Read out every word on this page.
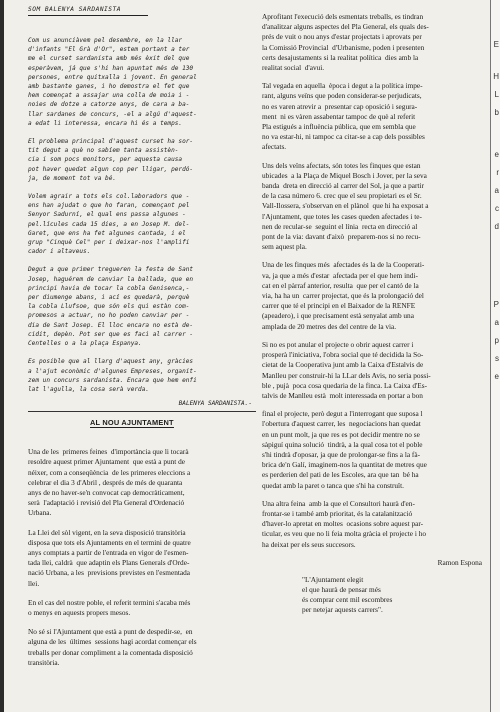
SOM BALENYA SARDANISTA
Com us anunciàvem pel desembre, en la llar
d'infants "El Grà d'Or", estem portant a ter
me el curset sardanista amb més èxit del que
esperàvem, já que s'hi han apuntat més de 130
persones, entre quitxalla i jovent. En general
amb bastante ganes, i ho demostra el fet que
hem començat a assajar una colla de moia i -
noies de dotze a catorze anys, de cara a ba-
llar sardanes de concurs, -el a algú d'aquest-
a edat li interessa, encara hi és a temps.
El problema principal d'aquest curset ha sor-
tit degut a què no sabíem tanta assistèn-
cia i som pocs monitors, per aquesta causa
pot haver quedat algun cop per lligar, perdó-
ja, de moment tot va bé.
Volem agrair a tots els col.laboradors que -
ens han ajudat o que ho faran, començant pel
Senyor Sadurní, el qual ens passa algunes -
pel.lícules cada 15 dies, a en Josep M. del-
Garet, que ens ha fet algunes cantada, i el
grup "Cinquè Cel" per i deixar-nos l'amplifi
cador i altaveus.
Degut a que primer tregueren la festa de Sant
Josep, haguérem de canviar la ballada, que en
principi havia de tocar la cobla Genisenca,-
per diumenge abans, i ací es quedarà, perquè
la cobla Llufsoe, que són els qui estàn com-
promesos a actuar, no ho poden canviar per -
dia de Sant Josep. El lloc encara no està de-
cidit, depèn. Pot ser que es faci al carrer -
Centelles o a la plaça Espanya.
Es posible que al llarg d'aquest any, gràcies
a l'ajut econòmic d'algunes Empreses, organit-
zem un concurs sardanista. Encara que hem enfi
lat l'agulla, la cosa serà verda.
BALENYA SARDANISTA.-
AL NOU AJUNTAMENT
Una de les  primeres feines  d'importància que li tocarà
resoldre aquest primer Ajuntament  que està a punt de
néixer, com a conseqüència  de les primeres eleccions a
celebrar el dia 3 d'Abril , després de més de quaranta
anys de no haver-se'n convocat cap democràticament,
serà  l'adaptació i revisió del Pla General d'Ordenació
Urbana.
La Llei del sòl vigent, en la seva disposició transitòria
disposa que tots els Ajuntaments en el termini de quatre
anys comptats a partir de l'entrada en vigor de l'esmen-
tada llei, caldrà  que adaptin els Plans Generals d'Orde-
nació Urbana, a les  previsions previstes en l'esmentada
llei.
En el cas del nostre poble, el referit termini s'acaba més
o menys en aquests propers mesos.
No sé si l'Ajuntament que està a punt de despedir-se,  en
alguna de les  últimes  sessions hagi acordat començar els
treballs per donar compliment a la comentada disposició
transitòria.
Aprofitant l'execució dels esmentats treballs, es tindran
d'analitzar alguns aspectes del Pla General, els quals des-
prés de vuit o nou anys d'estar projectats i aprovats per
la Comissió Provincial  d'Urbanisme, poden i presenten
certs desajustaments si la realitat política  dies amb la
realitat social  d'avui.
Tal vegada en aquella  època i degut a la política impe-
rant, alguns veïns que poden considerar-se perjudicats,
no es varen atrevir a  presentar cap oposició i segura-
ment  ni es vàren assabentar tampoc de què al referit
Pla estigués a influència pública, que em sembla que
no va estar-hi, ni tampoc ca citar-se a cap dels possibles
afectats.
Uns dels veïns afectats, són totes les finques que estan
ubicades  a la Plaça de Miquel Bosch i Jover, per la seva
banda  dreta en direcció al carrer del Sol, ja que a partir
de la casa número 6. crec que el seu propietari es el Sr.
Vall-Ilossera, s'observan en el plànol  que hi ha exposat a
l'Ajuntament, que totes les cases queden afectades i te-
nen de recular-se  seguint el línia  recta en direcció al
pont de la via: davant d'això  preparem-nos si no recu-
sem aquest pla.
Una de les finques més  afectades és la de la Cooperati-
va, ja que a més d'estar  afectada per el que hem indi-
cat en el pàrraf anterior, resulta  que per el cantó de la
via, ha ha un  carrer projectat, que és la prolongació del
carrer que té el principi en el Baixador de la RENFE
(apeadero), i que precisament està senyalat amb una
amplada de 20 metres des del centre de la via.
Si no es pot anular el projecte o obrir aquest carrer i
prosperà l'iniciativa, l'obra social que té decidida la So-
cietat de la Cooperativa junt amb la Caixa d'Estalvis de
Manlleu per construir-hi la LLar dels Avis, no seria possi-
ble , pujà  poca cosa quedaria de la finca. La Caixa d'Es-
talvis de Manlleu està  molt interessada en portar a bon
final el projecte, però degut a l'interrogant que suposa l
l'obertura d'aquest carrer, les  negociacions han quedat
en un punt molt, ja que res es pot decidir mentre no se
sàpiguí quina solució  tindrà, a la qual cosa tot el poble
s'hi tindrà d'oposar, ja que de prolongar-se fins a la fà-
brica de'n Galí, imaginem-nos la quantitat de metres que
es perderien del pati de les Escoles, ara que tan  bé ha
quedat amb la paret o tanca que s'hi ha construït.
Una altra feina  amb la que el Consultori haurà d'en-
frontar-se i també amb prioritat, és la catalanització
d'haver-lo apretat en moltes  ocasions sobre aquest par-
ticular, es veu que no li feia molta gràcia el projecte i ho
ha deixat per els seus succesors.
Ramon Espona
"L'Ajuntament elegit
el que haurà de pensar més
és comprar cent mil escombres
per netejar aquests carrers".
E
H
L
b
e
r
a
c
d
P
a
p
s
e
